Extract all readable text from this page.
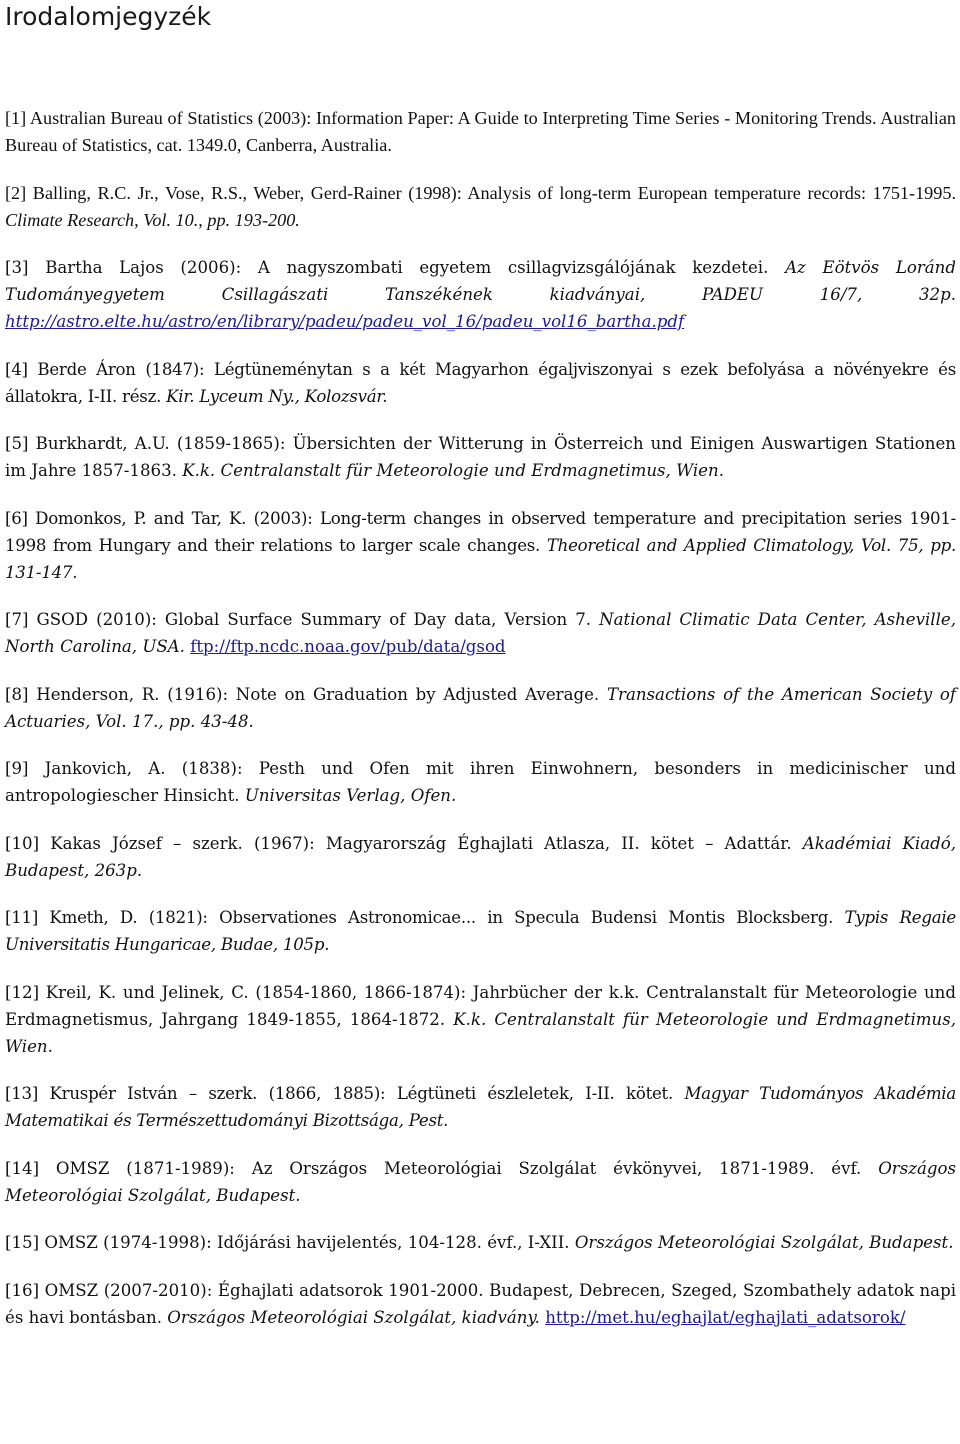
Irodalomjegyzék

[1] Australian Bureau of Statistics (2003): Information Paper: A Guide to Interpreting Time Series - Monitoring Trends. Australian Bureau of Statistics, cat. 1349.0, Canberra, Australia.

[2] Balling, R.C. Jr., Vose, R.S., Weber, Gerd-Rainer (1998): Analysis of long-term European temperature records: 1751-1995. Climate Research, Vol. 10., pp. 193-200.

[3] Bartha Lajos (2006): A nagyszombati egyetem csillagvizsgálójának kezdetei. Az Eötvös Loránd Tudományegyetem Csillagászati Tanszékének kiadványai, PADEU 16/7, 32p. http://astro.elte.hu/astro/en/library/padeu/padeu_vol_16/padeu_vol16_bartha.pdf

[4] Berde Áron (1847): Légtüneménytan s a két Magyarhon égaljviszonyai s ezek befolyása a növényekre és állatokra, I-II. rész. Kir. Lyceum Ny., Kolozsvár.

[5] Burkhardt, A.U. (1859-1865): Übersichten der Witterung in Österreich und Einigen Auswartigen Stationen im Jahre 1857-1863. K.k. Centralanstalt für Meteorologie und Erdmagnetimus, Wien.

[6] Domonkos, P. and Tar, K. (2003): Long-term changes in observed temperature and precipitation series 1901-1998 from Hungary and their relations to larger scale changes. Theoretical and Applied Climatology, Vol. 75, pp. 131-147.

[7] GSOD (2010): Global Surface Summary of Day data, Version 7. National Climatic Data Center, Asheville, North Carolina, USA. ftp://ftp.ncdc.noaa.gov/pub/data/gsod

[8] Henderson, R. (1916): Note on Graduation by Adjusted Average. Transactions of the American Society of Actuaries, Vol. 17., pp. 43-48.

[9] Jankovich, A. (1838): Pesth und Ofen mit ihren Einwohnern, besonders in medicinischer und antropologiescher Hinsicht. Universitas Verlag, Ofen.

[10] Kakas József – szerk. (1967): Magyarország Éghajlati Atlasza, II. kötet – Adattár. Akadémiai Kiadó, Budapest, 263p.

[11] Kmeth, D. (1821): Observationes Astronomicae... in Specula Budensi Montis Blocksberg. Typis Regaie Universitatis Hungaricae, Budae, 105p.

[12] Kreil, K. und Jelinek, C. (1854-1860, 1866-1874): Jahrbücher der k.k. Centralanstalt für Meteorologie und Erdmagnetismus, Jahrgang 1849-1855, 1864-1872. K.k. Centralanstalt für Meteorologie und Erdmagnetimus, Wien.

[13] Kruspér István – szerk. (1866, 1885): Légtüneti észleletek, I-II. kötet. Magyar Tudományos Akadémia Matematikai és Természettudományi Bizottsága, Pest.

[14] OMSZ (1871-1989): Az Országos Meteorológiai Szolgálat évkönyvei, 1871-1989. évf. Országos Meteorológiai Szolgálat, Budapest.

[15] OMSZ (1974-1998): Időjárási havijelentés, 104-128. évf., I-XII. Országos Meteorológiai Szolgálat, Budapest.

[16] OMSZ (2007-2010): Éghajlati adatsorok 1901-2000. Budapest, Debrecen, Szeged, Szombathely adatok napi és havi bontásban. Országos Meteorológiai Szolgálat, kiadvány. http://met.hu/eghajlat/eghajlati_adatsorok/
